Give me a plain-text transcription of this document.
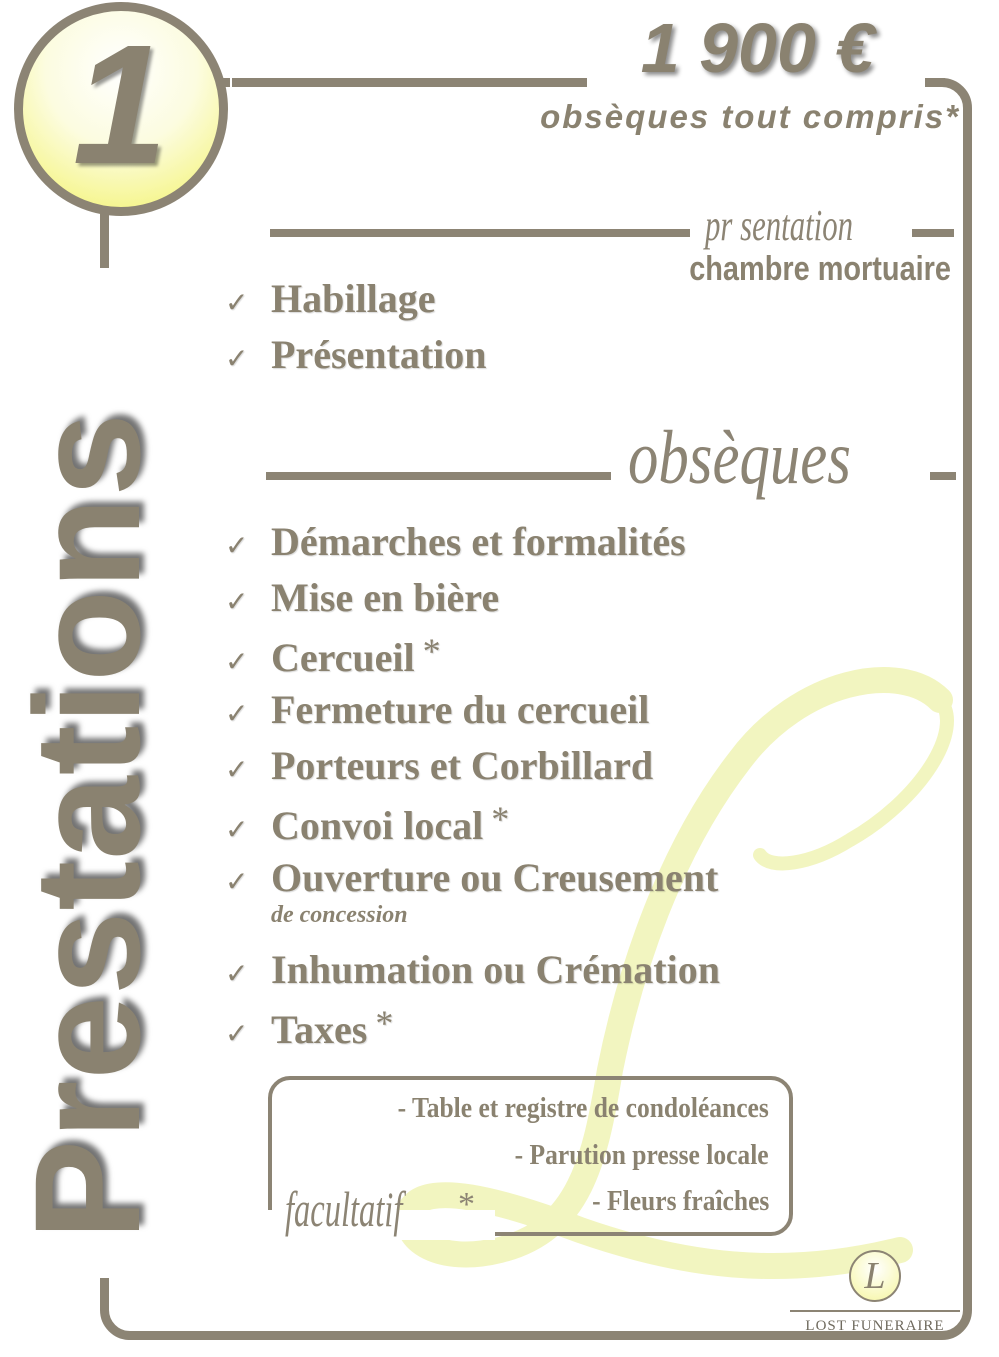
1	1 900 €
obsèques tout compris*
Prestations
pr sentation
chambre mortuaire
✓ Habillage
✓ Présentation
obsèques
✓ Démarches et formalités
✓ Mise en bière
✓ Cercueil *
✓ Fermeture du cercueil
✓ Porteurs et Corbillard
✓ Convoi local *
✓ Ouverture ou Creusement
de concession
✓ Inhumation ou Crémation
✓ Taxes *
- Table et registre de condoléances
- Parution presse locale
- Fleurs fraîches
facultatif *
L
LOST FUNERAIRE
